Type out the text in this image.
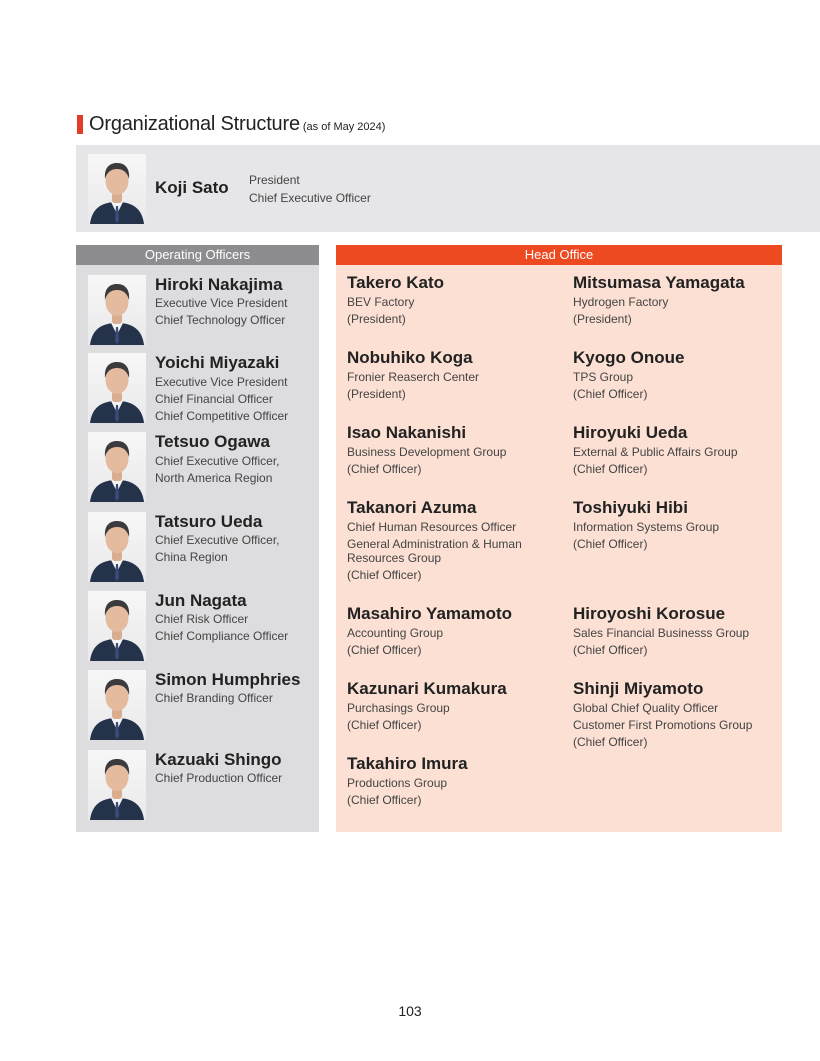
Organizational Structure (as of May 2024)
Koji Sato President
Chief Executive Officer
Operating Officers
Hiroki Nakajima
Executive Vice President
Chief Technology Officer
Yoichi Miyazaki
Executive Vice President
Chief Financial Officer
Chief Competitive Officer
Tetsuo Ogawa
Chief Executive Officer,
North America Region
Tatsuro Ueda
Chief Executive Officer,
China Region
Jun Nagata
Chief Risk Officer
Chief Compliance Officer
Simon Humphries
Chief Branding Officer
Kazuaki Shingo
Chief Production Officer
Head Office
Takero Kato
BEV Factory
(President)
Mitsumasa Yamagata
Hydrogen Factory
(President)
Nobuhiko Koga
Fronier Reaserch Center
(President)
Kyogo Onoue
TPS Group
(Chief Officer)
Isao Nakanishi
Business Development Group
(Chief Officer)
Hiroyuki Ueda
External & Public Affairs Group
(Chief Officer)
Takanori Azuma
Chief Human Resources Officer
General Administration & Human Resources Group
(Chief Officer)
Toshiyuki Hibi
Information Systems Group
(Chief Officer)
Masahiro Yamamoto
Accounting Group
(Chief Officer)
Hiroyoshi Korosue
Sales Financial Businesss Group
(Chief Officer)
Kazunari Kumakura
Purchasings Group
(Chief Officer)
Shinji Miyamoto
Global Chief Quality Officer
Customer First Promotions Group
(Chief Officer)
Takahiro Imura
Productions Group
(Chief Officer)
103
